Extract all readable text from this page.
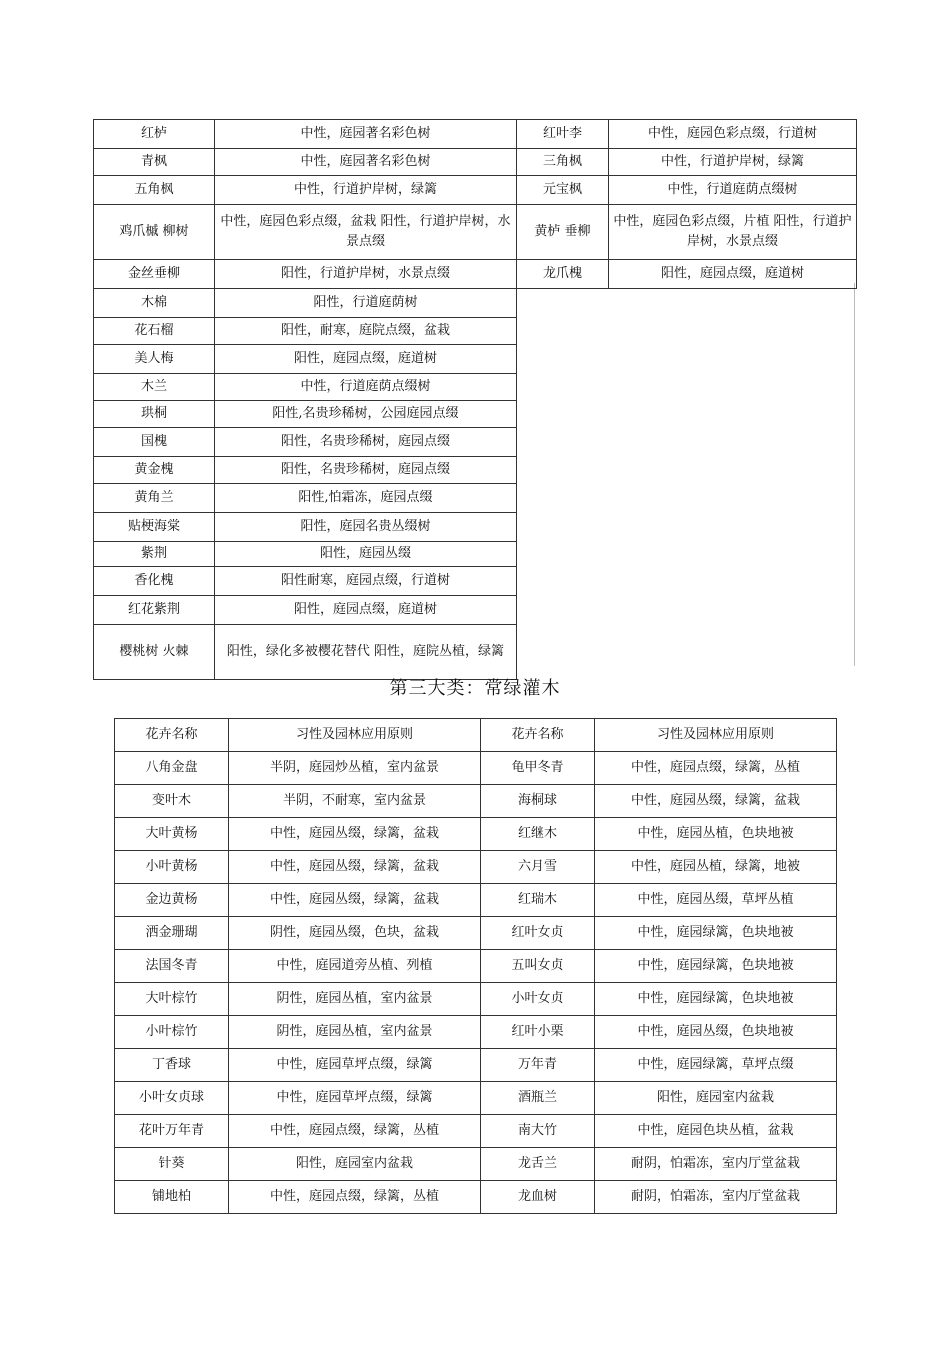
红栌	中性，庭园著名彩色树	红叶李	中性，庭园色彩点缀，行道树
青枫	中性，庭园著名彩色树	三角枫	中性，行道护岸树，绿篱
五角枫	中性，行道护岸树，绿篱	元宝枫	中性，行道庭荫点缀树
鸡爪槭 柳树	中性，庭园色彩点缀，盆栽 阳性，行道护岸树，水景点缀	黄栌 垂柳	中性，庭园色彩点缀，片植 阳性，行道护岸树，水景点缀
金丝垂柳	阳性，行道护岸树，水景点缀	龙爪槐	阳性，庭园点缀，庭道树
木棉	阳性，行道庭荫树		
花石榴	阳性，耐寒，庭院点缀，盆栽		
美人梅	阳性，庭园点缀，庭道树		
木兰	中性，行道庭荫点缀树		
珙桐	阳性,名贵珍稀树，公园庭园点缀		
国槐	阳性，名贵珍稀树，庭园点缀		
黄金槐	阳性，名贵珍稀树，庭园点缀		
黄角兰	阳性,怕霜冻，庭园点缀		
贴梗海棠	阳性，庭园名贵丛缀树		
紫荆	阳性，庭园丛缀		
香化槐	阳性耐寒，庭园点缀，行道树		
红花紫荆	阳性，庭园点缀，庭道树		
樱桃树 火棘	阳性，绿化多被樱花替代 阳性，庭院丛植，绿篱		
第三大类：常绿灌木
花卉名称	习性及园林应用原则	花卉名称	习性及园林应用原则
八角金盘	半阴，庭园炒丛植，室内盆景	龟甲冬青	中性，庭园点缀，绿篱，丛植
变叶木	半阴，不耐寒，室内盆景	海桐球	中性，庭园丛缀，绿篱，盆栽
大叶黄杨	中性，庭园丛缀，绿篱，盆栽	红继木	中性，庭园丛植，色块地被
小叶黄杨	中性，庭园丛缀，绿篱，盆栽	六月雪	中性，庭园丛植，绿篱，地被
金边黄杨	中性，庭园丛缀，绿篱，盆栽	红瑞木	中性，庭园丛缀，草坪丛植
洒金珊瑚	阴性，庭园丛缀，色块，盆栽	红叶女贞	中性，庭园绿篱，色块地被
法国冬青	中性，庭园道旁丛植、列植	五叫女贞	中性，庭园绿篱，色块地被
大叶棕竹	阴性，庭园丛植，室内盆景	小叶女贞	中性，庭园绿篱，色块地被
小叶棕竹	阴性，庭园丛植，室内盆景	红叶小栗	中性，庭园丛缀，色块地被
丁香球	中性，庭园草坪点缀，绿篱	万年青	中性，庭园绿篱，草坪点缀
小叶女贞球	中性，庭园草坪点缀，绿篱	酒瓶兰	阳性，庭园室内盆栽
花叶万年青	中性，庭园点缀，绿篱，丛植	南大竹	中性，庭园色块丛植，盆栽
针葵	阳性，庭园室内盆栽	龙舌兰	耐阴，怕霜冻，室内厅堂盆栽
铺地柏	中性，庭园点缀，绿篱，丛植	龙血树	耐阴，怕霜冻，室内厅堂盆栽
